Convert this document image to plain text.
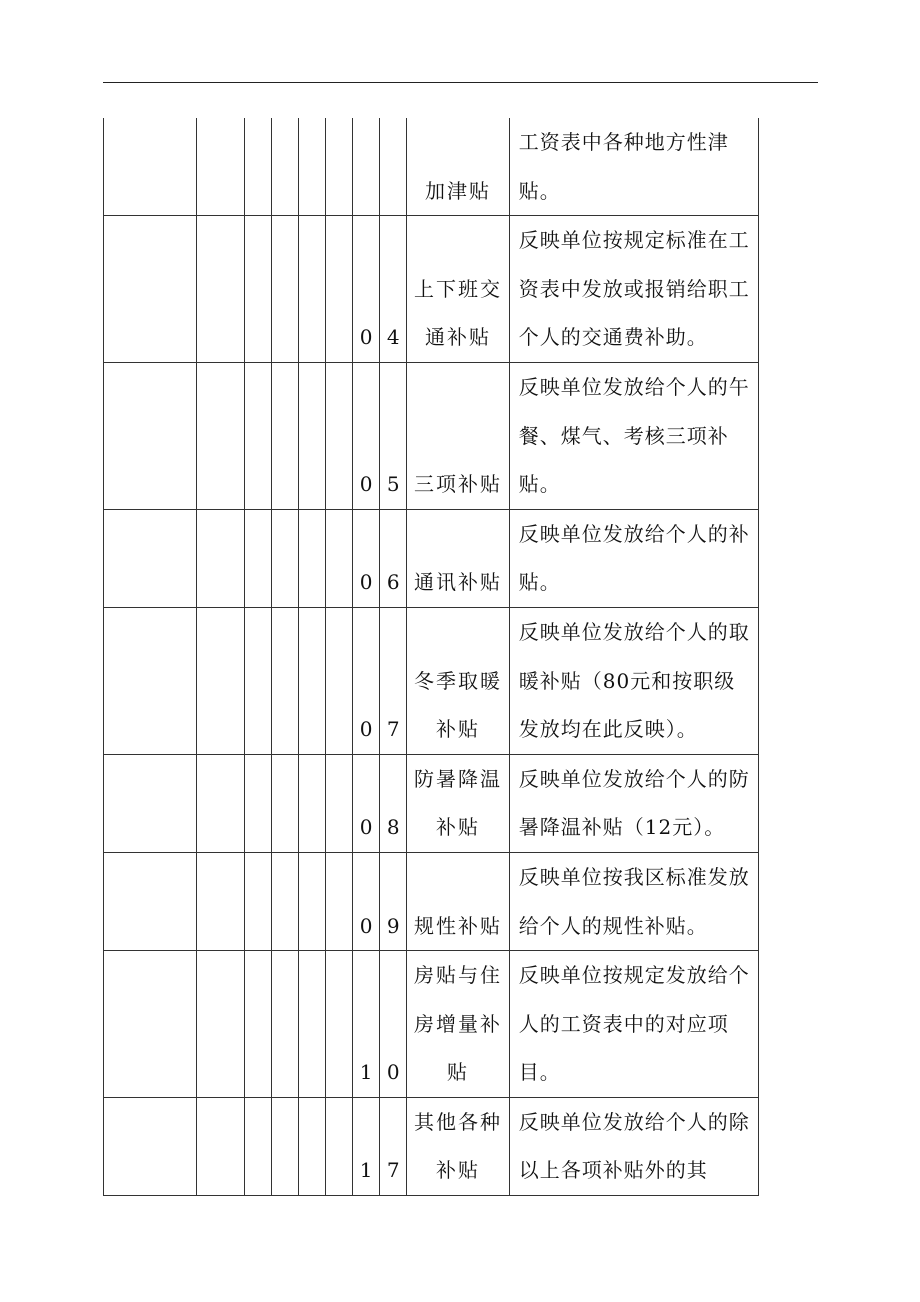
								加津贴	工资表中各种地方性津贴。

						0	4	上下班交通补贴	反映单位按规定标准在工资表中发放或报销给职工个人的交通费补助。

						0	5	三项补贴	反映单位发放给个人的午餐、煤气、考核三项补贴。

						0	6	通讯补贴	反映单位发放给个人的补贴。

						0	7	冬季取暖补贴	反映单位发放给个人的取暖补贴（80元和按职级发放均在此反映）。

						0	8	防暑降温补贴	反映单位发放给个人的防暑降温补贴（12元）。

						0	9	规性补贴	反映单位按我区标准发放给个人的规性补贴。

						1	0	房贴与住房增量补贴	反映单位按规定发放给个人的工资表中的对应项目。

						1	7	其他各种补贴	反映单位发放给个人的除以上各项补贴外的其
